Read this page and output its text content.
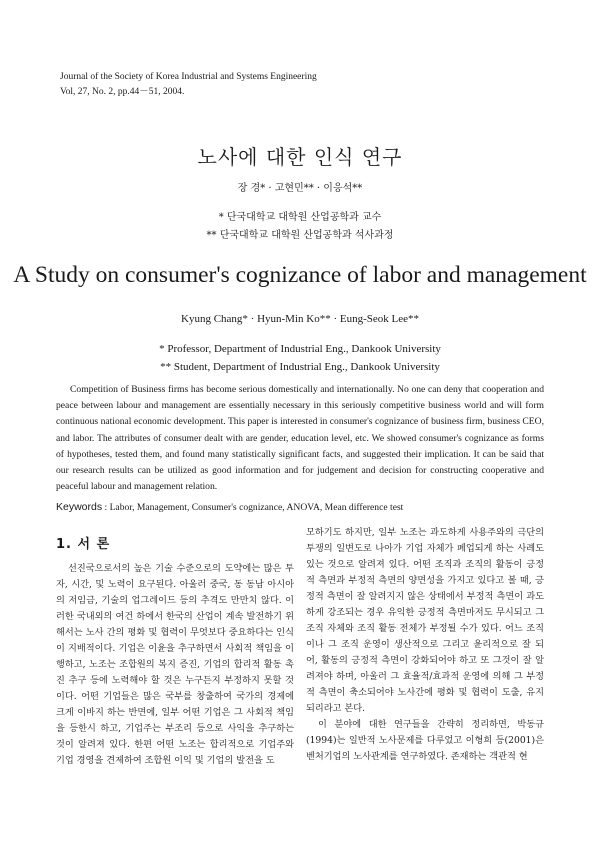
Journal of the Society of Korea Industrial and Systems Engineering
Vol, 27, No. 2, pp.44－51, 2004.
노사에 대한 인식 연구
장 경* · 고현민** · 이응석**
* 단국대학교 대학원 산업공학과 교수
** 단국대학교 대학원 산업공학과 석사과정
A Study on consumer's cognizance of labor and management
Kyung Chang* · Hyun-Min Ko** · Eung-Seok Lee**
* Professor, Department of Industrial Eng., Dankook University
** Student, Department of Industrial Eng., Dankook University
Competition of Business firms has become serious domestically and internationally. No one can deny that cooperation and peace between labour and management are essentially necessary in this seriously competitive business world and will form continuous national economic development. This paper is interested in consumer's cognizance of business firm, business CEO, and labor. The attributes of consumer dealt with are gender, education level, etc. We showed consumer's cognizance as forms of hypotheses, tested them, and found many statistically significant facts, and suggested their implication. It can be said that our research results can be utilized as good information and for judgement and decision for constructing cooperative and peaceful labour and management relation.
Keywords : Labor, Management, Consumer's cognizance, ANOVA, Mean difference test
1. 서 론

선진국으로서의 높은 기술 수준으로의 도약에는 많은 투자, 시간, 및 노력이 요구된다. 아울러 중국, 동 동남 아시아의 저임금, 기술의 업그레이드 등의 추격도 만만치 않다. 이러한 국내외의 여건 하에서 한국의 산업이 계속 발전하기 위해서는 노사 간의 평화 및 협력이 무엇보다 중요하다는 인식이 지배적이다. 기업은 이윤을 추구하면서 사회적 책임을 이행하고, 노조는 조합원의 복지 증진, 기업의 합리적 활동 촉진 추구 등에 노력해야 할 것은 누구든지 부정하지 못할 것이다. 어떤 기업들은 많은 국부를 창출하여 국가의 경제에 크게 이바지 하는 반면에, 일부 어떤 기업은 그 사회적 책임을 등한시 하고, 기업주는 부조리 등으로 사익을 추구하는 것이 알려져 있다. 한편 어떤 노조는 합리적으로 기업주와 기업 경영을 견제하여 조합원 이익 및 기업의 발전을 도

모하기도 하지만, 일부 노조는 과도하게 사용주와의 극단의 투쟁의 일변도로 나아가 기업 자체가 폐업되게 하는 사례도 있는 것으로 알려져 있다. 어떤 조직과 조직의 활동이 긍정적 측면과 부정적 측면의 양면성을 가지고 있다고 볼 때, 긍정적 측면이 잘 알려지지 않은 상태에서 부정적 측면이 과도하게 강조되는 경우 유익한 긍정적 측면마저도 무시되고 그 조직 자체와 조직 활동 전체가 부정될 수가 있다. 어느 조직이나 그 조직 운영이 생산적으로 그리고 윤리적으로 잘 되어, 활동의 긍정적 측면이 강화되어야 하고 또 그것이 잘 알려져야 하며, 아울러 그 효율적/효과적 운영에 의해 그 부정적 측면이 축소되어야 노사간에 평화 및 협력이 도출, 유지되리라고 본다.

이 분야에 대한 연구들을 간략히 정리하면, 박동규(1994)는 일반적 노사문제를 다루었고 이형희 등(2001)은 벤처기업의 노사관계를 연구하였다. 존재하는 객관적 현
